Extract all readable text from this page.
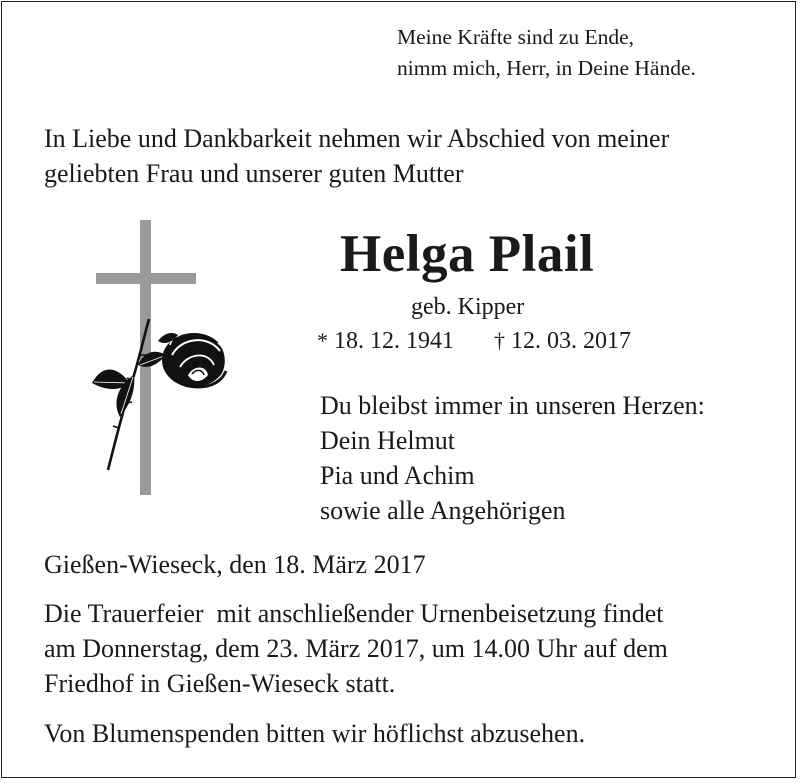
Meine Kräfte sind zu Ende,
nimm mich, Herr, in Deine Hände.
In Liebe und Dankbarkeit nehmen wir Abschied von meiner
geliebten Frau und unserer guten Mutter
Helga Plail
geb. Kipper
* 18. 12. 1941 † 12. 03. 2017
Du bleibst immer in unseren Herzen:
Dein Helmut
Pia und Achim
sowie alle Angehörigen
Gießen-Wieseck, den 18. März 2017
Die Trauerfeier  mit anschließender Urnenbeisetzung findet
am Donnerstag, dem 23. März 2017, um 14.00 Uhr auf dem
Friedhof in Gießen-Wieseck statt.
Von Blumenspenden bitten wir höflichst abzusehen.
